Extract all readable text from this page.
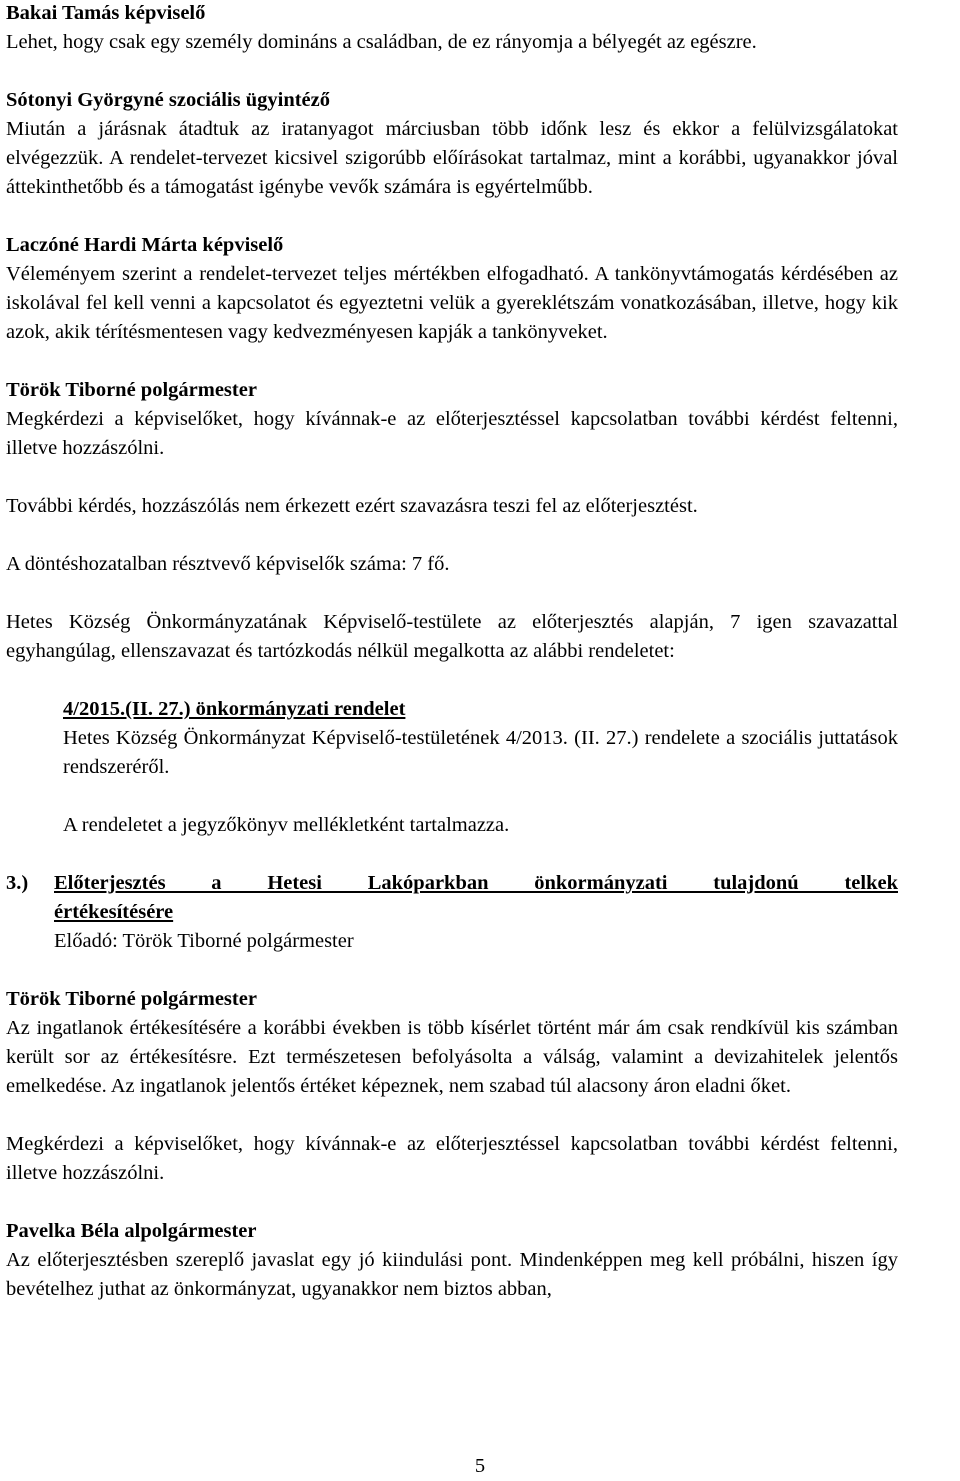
Bakai Tamás képviselő
Lehet, hogy csak egy személy domináns a családban, de ez rányomja a bélyegét az egészre.
Sótonyi Györgyné szociális ügyintéző
Miután a járásnak átadtuk az iratanyagot márciusban több időnk lesz és ekkor a felülvizsgálatokat elvégezzük. A rendelet-tervezet kicsivel szigorúbb előírásokat tartalmaz, mint a korábbi, ugyanakkor jóval áttekinthetőbb és a támogatást igénybe vevők számára is egyértelműbb.
Laczóné Hardi Márta képviselő
Véleményem szerint a rendelet-tervezet teljes mértékben elfogadható. A tankönyvtámogatás kérdésében az iskolával fel kell venni a kapcsolatot és egyeztetni velük a gyereklétszám vonatkozásában, illetve, hogy kik azok, akik térítésmentesen vagy kedvezményesen kapják a tankönyveket.
Török Tiborné polgármester
Megkérdezi a képviselőket, hogy kívánnak-e az előterjesztéssel kapcsolatban további kérdést feltenni, illetve hozzászólni.
További kérdés, hozzászólás nem érkezett ezért szavazásra teszi fel az előterjesztést.
A döntéshozatalban résztvevő képviselők száma: 7 fő.
Hetes Község Önkormányzatának Képviselő-testülete az előterjesztés alapján, 7 igen szavazattal egyhangúlag, ellenszavazat és tartózkodás nélkül megalkotta az alábbi rendeletet:
4/2015.(II. 27.) önkormányzati rendelet
Hetes Község Önkormányzat Képviselő-testületének 4/2013. (II. 27.) rendelete a szociális juttatások rendszeréről.
A rendeletet a jegyzőkönyv mellékletként tartalmazza.
3.)	Előterjesztés a Hetesi Lakóparkban önkormányzati tulajdonú telkek
értékesítésére
Előadó: Török Tiborné polgármester
Török Tiborné polgármester
Az ingatlanok értékesítésére a korábbi években is több kísérlet történt már ám csak rendkívül kis számban került sor az értékesítésre. Ezt természetesen befolyásolta a válság, valamint a devizahitelek jelentős emelkedése. Az ingatlanok jelentős értéket képeznek, nem szabad túl alacsony áron eladni őket.
Megkérdezi a képviselőket, hogy kívánnak-e az előterjesztéssel kapcsolatban további kérdést feltenni, illetve hozzászólni.
Pavelka Béla alpolgármester
Az előterjesztésben szereplő javaslat egy jó kiindulási pont. Mindenképpen meg kell próbálni, hiszen így bevételhez juthat az önkormányzat, ugyanakkor nem biztos abban,
5
